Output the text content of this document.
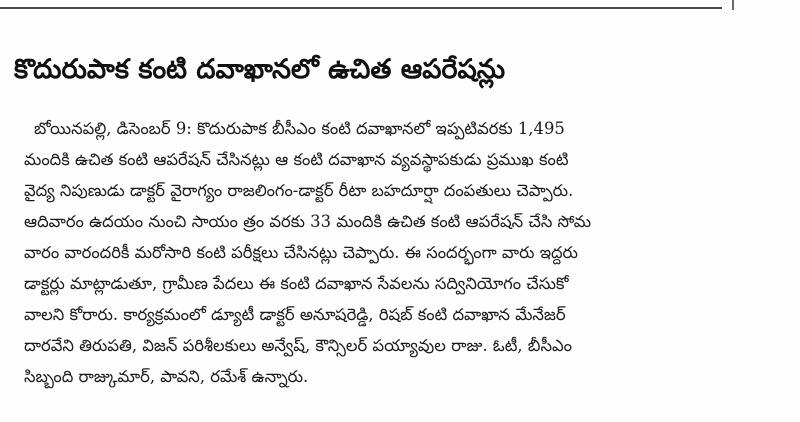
కొదురుపాక కంటి దవాఖానలో ఉచిత ఆపరేషన్లు
బోయినపల్లి, డిసెంబర్ 9: కొదురుపాక బీసీఎం కంటి దవాఖానలో ఇప్పటివరకు 1,495
మందికి ఉచిత కంటి ఆపరేషన్ చేసినట్లు ఆ కంటి దవాఖాన వ్యవస్థాపకుడు ప్రముఖ కంటి
వైద్య నిపుణుడు డాక్టర్ వైరాగ్యం రాజలింగం-డాక్టర్ రీటా బహదూర్షా దంపతులు చెప్పారు.
ఆదివారం ఉదయం నుంచి సాయం త్రం వరకు 33 మందికి ఉచిత కంటి ఆపరేషన్ చేసి సోమ
వారం వారందరికీ మరోసారి కంటి పరీక్షలు చేసినట్లు చెప్పారు. ఈ సందర్భంగా వారు ఇద్దరు
డాక్టర్లు మాట్లాడుతూ, గ్రామీణ పేదలు ఈ కంటి దవాఖాన సేవలను సద్వినియోగం చేసుకో
వాలని కోరారు. కార్యక్రమంలో డ్యూటీ డాక్టర్ అనూషరెడ్డి, రిషబ్ కంటి దవాఖాన మేనేజర్
దారవేని తిరుపతి, విజన్ పరిశీలకులు అన్వేష్, కౌన్సిలర్ పయ్యావుల రాజు. ఓటీ, బీసీఎం
సిబ్బంది రాజ్కుమార్, పావని, రమేశ్ ఉన్నారు.
